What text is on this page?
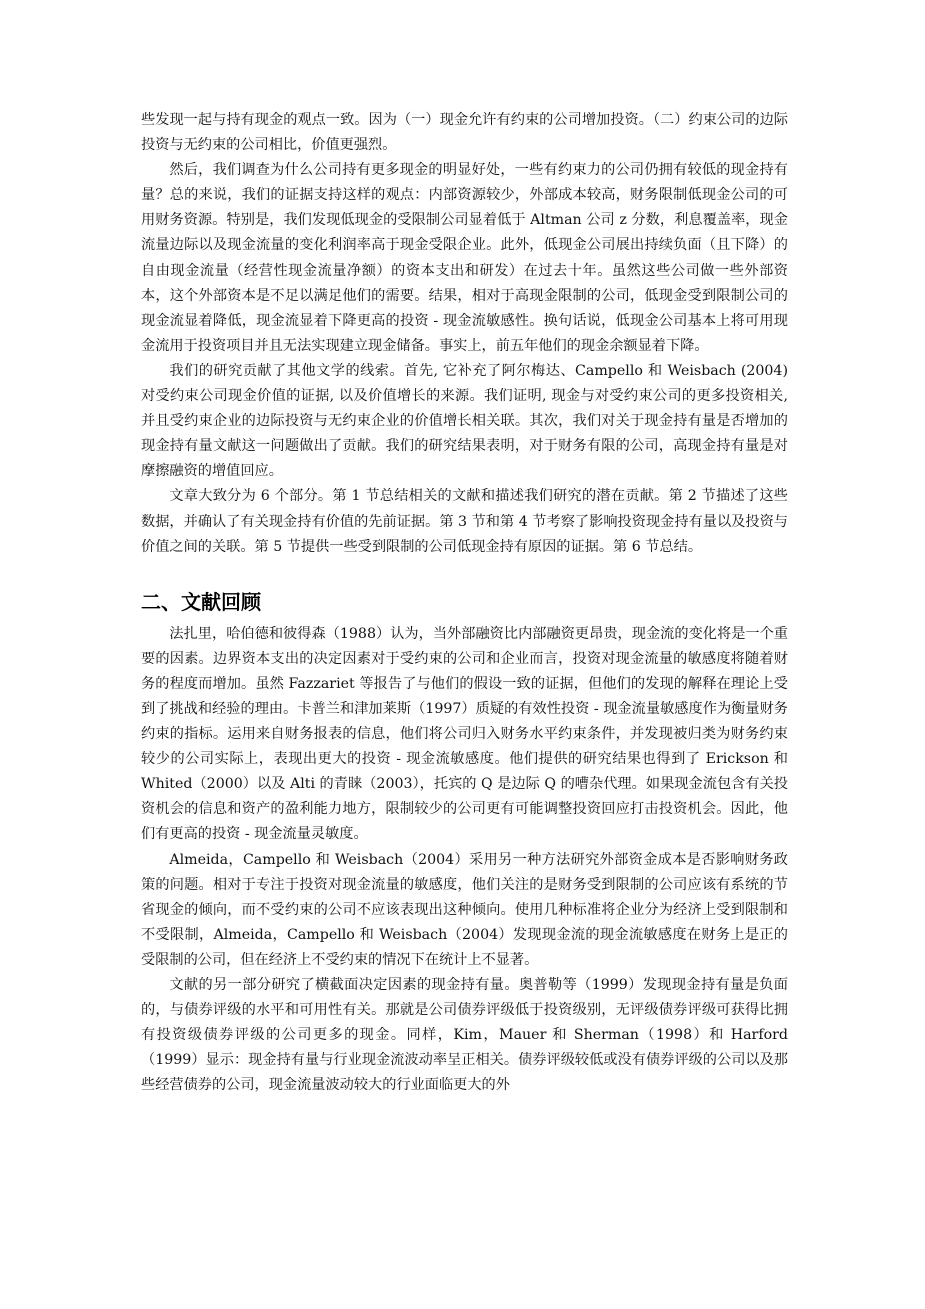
些发现一起与持有现金的观点一致。因为（一）现金允许有约束的公司增加投资。（二）约束公司的边际投资与无约束的公司相比，价值更强烈。

然后，我们调查为什么公司持有更多现金的明显好处，一些有约束力的公司仍拥有较低的现金持有量？总的来说，我们的证据支持这样的观点：内部资源较少，外部成本较高，财务限制低现金公司的可用财务资源。特别是，我们发现低现金的受限制公司显着低于 Altman 公司 z 分数，利息覆盖率，现金流量边际以及现金流量的变化利润率高于现金受限企业。此外，低现金公司展出持续负面（且下降）的自由现金流量（经营性现金流量净额）的资本支出和研发）在过去十年。虽然这些公司做一些外部资本，这个外部资本是不足以满足他们的需要。结果，相对于高现金限制的公司，低现金受到限制公司的现金流显着降低，现金流显着下降更高的投资 - 现金流敏感性。换句话说，低现金公司基本上将可用现金流用于投资项目并且无法实现建立现金储备。事实上，前五年他们的现金余额显着下降。

我们的研究贡献了其他文学的线索。首先, 它补充了阿尔梅达、Campello 和 Weisbach (2004) 对受约束公司现金价值的证据, 以及价值增长的来源。我们证明, 现金与对受约束公司的更多投资相关, 并且受约束企业的边际投资与无约束企业的价值增长相关联。其次，我们对关于现金持有量是否增加的现金持有量文献这一问题做出了贡献。我们的研究结果表明，对于财务有限的公司，高现金持有量是对摩擦融资的增值回应。

文章大致分为 6 个部分。第 1 节总结相关的文献和描述我们研究的潜在贡献。第 2 节描述了这些数据，并确认了有关现金持有价值的先前证据。第 3 节和第 4 节考察了影响投资现金持有量以及投资与价值之间的关联。第 5 节提供一些受到限制的公司低现金持有原因的证据。第 6 节总结。

二、文献回顾

法扎里，哈伯德和彼得森（1988）认为，当外部融资比内部融资更昂贵，现金流的变化将是一个重要的因素。边界资本支出的决定因素对于受约束的公司和企业而言，投资对现金流量的敏感度将随着财务的程度而增加。虽然 Fazzariet 等报告了与他们的假设一致的证据，但他们的发现的解释在理论上受到了挑战和经验的理由。卡普兰和津加莱斯（1997）质疑的有效性投资 - 现金流量敏感度作为衡量财务约束的指标。运用来自财务报表的信息，他们将公司归入财务水平约束条件，并发现被归类为财务约束较少的公司实际上，表现出更大的投资 - 现金流敏感度。他们提供的研究结果也得到了 Erickson 和 Whited（2000）以及 Alti 的青睐（2003），托宾的 Q 是边际 Q 的嘈杂代理。如果现金流包含有关投资机会的信息和资产的盈利能力地方，限制较少的公司更有可能调整投资回应打击投资机会。因此，他们有更高的投资 - 现金流量灵敏度。

Almeida，Campello 和 Weisbach（2004）采用另一种方法研究外部资金成本是否影响财务政策的问题。相对于专注于投资对现金流量的敏感度，他们关注的是财务受到限制的公司应该有系统的节省现金的倾向，而不受约束的公司不应该表现出这种倾向。使用几种标准将企业分为经济上受到限制和不受限制，Almeida，Campello 和 Weisbach（2004）发现现金流的现金流敏感度在财务上是正的受限制的公司，但在经济上不受约束的情况下在统计上不显著。

文献的另一部分研究了横截面决定因素的现金持有量。奥普勒等（1999）发现现金持有量是负面的，与债券评级的水平和可用性有关。那就是公司债券评级低于投资级别，无评级债券评级可获得比拥有投资级债券评级的公司更多的现金。同样，Kim，Mauer 和 Sherman（1998）和 Harford（1999）显示：现金持有量与行业现金流波动率呈正相关。债券评级较低或没有债券评级的公司以及那些经营债券的公司，现金流量波动较大的行业面临更大的外
